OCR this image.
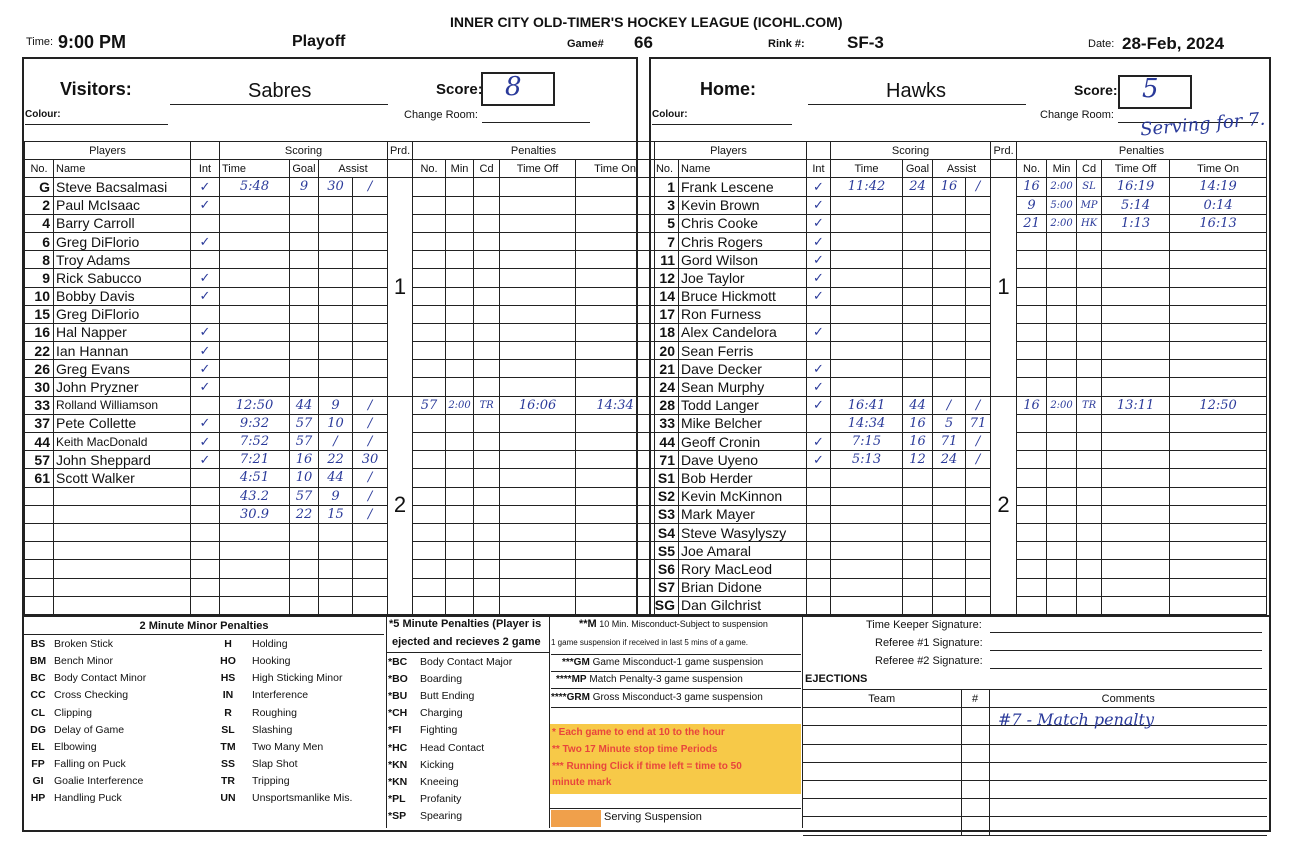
INNER CITY OLD-TIMER'S HOCKEY LEAGUE (ICOHL.COM)
Time: 9:00 PM	Playoff	Game# 66	Rink #: SF-3	Date: 28-Feb, 2024
Visitors:	Sabres	Score: 8
Colour:	Change Room:
Home:	Hawks	Score: 5
Colour:	Change Room: Serving for 7.
Players			Scoring				Prd.	Penalties				
No.	Name	Int	Time	Goal	Assist			No.	Min	Cd	Time Off	Time On
G	Steve Bacsalmasi	✓	5:48	9	30	/	1					
2	Paul McIsaac	✓										
4	Barry Carroll											
6	Greg DiFlorio	✓										
8	Troy Adams											
9	Rick Sabucco	✓										
10	Bobby Davis	✓										
15	Greg DiFlorio											
16	Hal Napper	✓										
22	Ian Hannan	✓										
26	Greg Evans	✓										
30	John Pryzner	✓										
33	Rolland Williamson		12:50	44	9	/	2	57	2:00	TR	16:06	14:34
37	Pete Collette	✓	9:32	57	10	/						
44	Keith MacDonald	✓	7:52	57	/	/						
57	John Sheppard	✓	7:21	16	22	30						
61	Scott Walker		4:51	10	44	/						
			43.2	57	9	/						
			30.9	22	15	/						

Players			Scoring				Prd.	Penalties				
No.	Name	Int	Time	Goal	Assist			No.	Min	Cd	Time Off	Time On
1	Frank Lescene	✓	11:42	24	16	/	1	16	2:00	SL	16:19	14:19
3	Kevin Brown	✓						9	5:00	MP	5:14	0:14
5	Chris Cooke	✓						21	2:00	HK	1:13	16:13
7	Chris Rogers	✓										
11	Gord Wilson	✓										
12	Joe Taylor	✓										
14	Bruce Hickmott	✓										
17	Ron Furness											
18	Alex Candelora	✓										
20	Sean Ferris											
21	Dave Decker	✓										
24	Sean Murphy	✓										
28	Todd Langer	✓	16:41	44	/	/	2	16	2:00	TR	13:11	12:50
33	Mike Belcher		14:34	16	5	71						
44	Geoff Cronin	✓	7:15	16	71	/						
71	Dave Uyeno	✓	5:13	12	24	/						
S1	Bob Herder											
S2	Kevin McKinnon											
S3	Mark Mayer											
S4	Steve Wasylyszy											
S5	Joe Amaral											
S6	Rory MacLeod											
S7	Brian Didone											
SG	Dan Gilchrist											
2 Minute Minor Penalties			
BS	Broken Stick	H	Holding
BM	Bench Minor	HO	Hooking
BC	Body Contact Minor	HS	High Sticking Minor
CC	Cross Checking	IN	Interference
CL	Clipping	R	Roughing
DG	Delay of Game	SL	Slashing
EL	Elbowing	TM	Two Many Men
FP	Falling on Puck	SS	Slap Shot
GI	Goalie Interference	TR	Tripping
HP	Handling Puck	UN	Unsportsmanlike Mis.
*5 Minute Penalties (Player is
ejected and recieves 2 game
*BC	Body Contact Major
*BO	Boarding
*BU	Butt Ending
*CH	Charging
*FI	Fighting
*HC	Head Contact
*KN	Kicking
*KN	Kneeing
*PL	Profanity
*SP	Spearing
**M 10 Min. Misconduct-Subject to suspension
1 game suspension if received in last 5 mins of a game.
***GM Game Misconduct-1 game suspension
****MP Match Penalty-3 game suspension
****GRM Gross Misconduct-3 game suspension
* Each game to end at 10 to the hour
** Two 17 Minute stop time Periods
*** Running Click if time left = time to 50
minute mark
Serving Suspension
Time Keeper Signature:
Referee #1 Signature:
Referee #2 Signature:
EJECTIONS
Team	#	Comments

#7 - Match penalty
